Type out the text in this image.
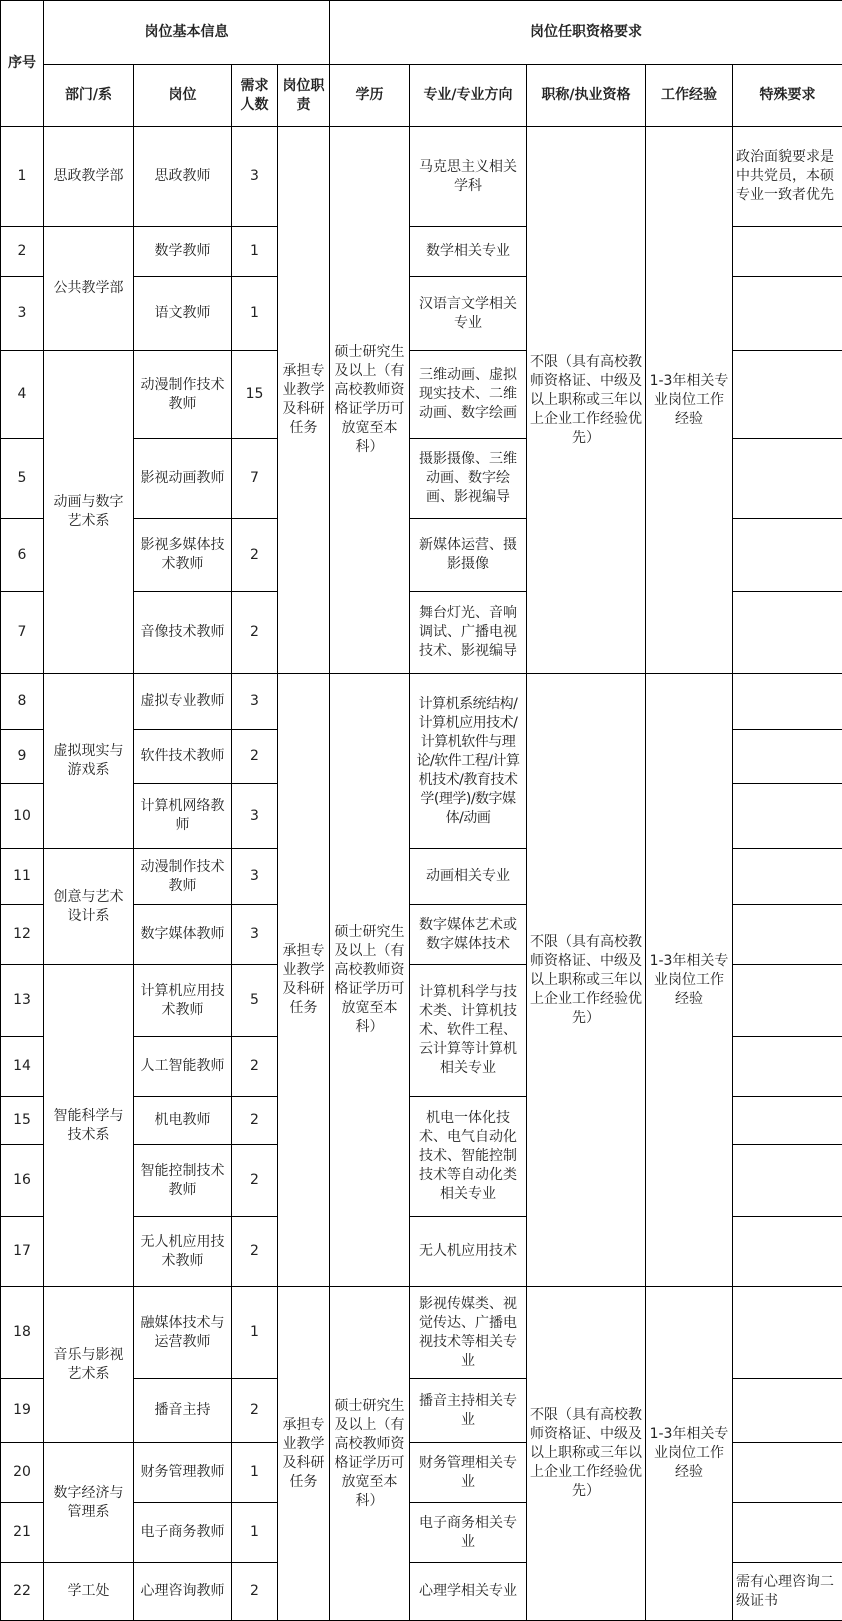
序号	岗位基本信息				岗位任职资格要求				
	部门/系	岗位	需求人数	岗位职责	学历	专业/专业方向	职称/执业资格	工作经验	特殊要求
1	思政教学部	思政教师	3	承担专业教学及科研任务	硕士研究生及以上（有高校教师资格证学历可放宽至本科）	马克思主义相关学科	不限（具有高校教师资格证、中级及以上职称或三年以上企业工作经验优先）	1-3年相关专业岗位工作经验	政治面貌要求是中共党员，本硕专业一致者优先
2	公共教学部	数学教师	1			数学相关专业			
3		语文教师	1			汉语言文学相关专业			
4	动画与数字艺术系	动漫制作技术教师	15			三维动画、虚拟现实技术、二维动画、数字绘画			
5		影视动画教师	7			摄影摄像、三维动画、数字绘画、影视编导			
6		影视多媒体技术教师	2			新媒体运营、摄影摄像			
7		音像技术教师	2			舞台灯光、音响调试、广播电视技术、影视编导			
8	虚拟现实与游戏系	虚拟专业教师	3	承担专业教学及科研任务	硕士研究生及以上（有高校教师资格证学历可放宽至本科）	计算机系统结构/计算机应用技术/计算机软件与理论/软件工程/计算机技术/教育技术学(理学)/数字媒体/动画	不限（具有高校教师资格证、中级及以上职称或三年以上企业工作经验优先）	1-3年相关专业岗位工作经验	
9		软件技术教师	2						
10		计算机网络教师	3						
11	创意与艺术设计系	动漫制作技术教师	3			动画相关专业			
12		数字媒体教师	3			数字媒体艺术或数字媒体技术			
13	智能科学与技术系	计算机应用技术教师	5			计算机科学与技术类、计算机技术、软件工程、云计算等计算机相关专业			
14		人工智能教师	2						
15		机电教师	2			机电一体化技术、电气自动化技术、智能控制技术等自动化类相关专业			
16		智能控制技术教师	2						
17		无人机应用技术教师	2			无人机应用技术			
18	音乐与影视艺术系	融媒体技术与运营教师	1	承担专业教学及科研任务	硕士研究生及以上（有高校教师资格证学历可放宽至本科）	影视传媒类、视觉传达、广播电视技术等相关专业	不限（具有高校教师资格证、中级及以上职称或三年以上企业工作经验优先）	1-3年相关专业岗位工作经验	
19		播音主持	2			播音主持相关专业			
20	数字经济与管理系	财务管理教师	1			财务管理相关专业			
21		电子商务教师	1			电子商务相关专业			
22	学工处	心理咨询教师	2			心理学相关专业			需有心理咨询二级证书
